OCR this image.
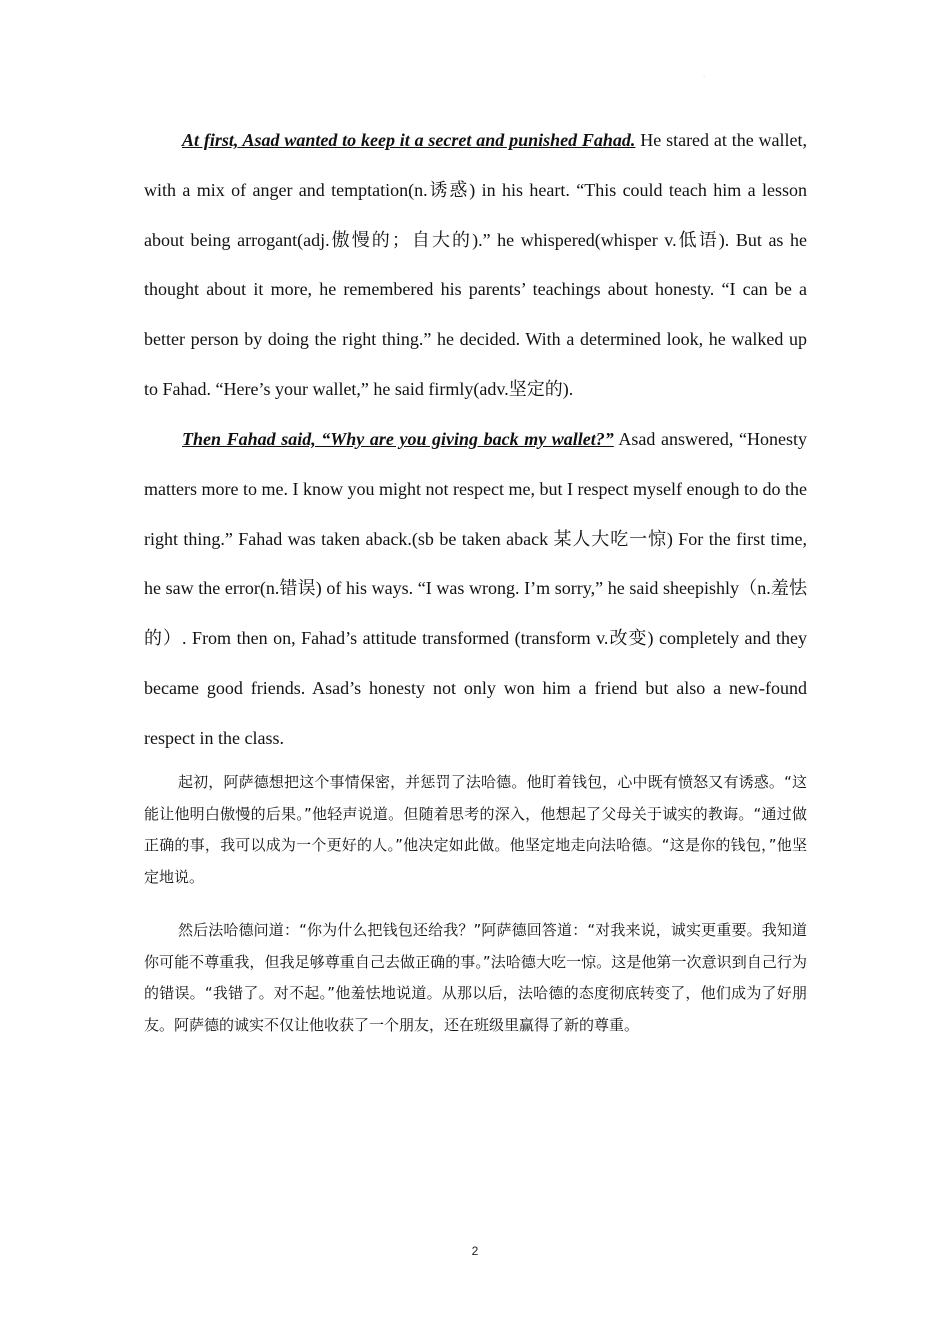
.

At first, Asad wanted to keep it a secret and punished Fahad. He stared at the wallet, with a mix of anger and temptation(n.诱惑) in his heart. “This could teach him a lesson about being arrogant(adj.傲慢的；自大的).” he whispered(whisper v.低语). But as he thought about it more, he remembered his parents’ teachings about honesty. “I can be a better person by doing the right thing.” he decided. With a determined look, he walked up to Fahad. “Here’s your wallet,” he said firmly(adv.坚定的).

Then Fahad said, “Why are you giving back my wallet?” Asad answered, “Honesty matters more to me. I know you might not respect me, but I respect myself enough to do the right thing.” Fahad was taken aback.(sb be taken aback 某人大吃一惊) For the first time, he saw the error(n.错误) of his ways. “I was wrong. I’m sorry,” he said sheepishly（n.羞怯的）. From then on, Fahad’s attitude transformed (transform v.改变) completely and they became good friends. Asad’s honesty not only won him a friend but also a new-found respect in the class.

起初，阿萨德想把这个事情保密，并惩罚了法哈德。他盯着钱包，心中既有愤怒又有诱惑。“这能让他明白傲慢的后果。”他轻声说道。但随着思考的深入，他想起了父母关于诚实的教诲。“通过做正确的事，我可以成为一个更好的人。”他决定如此做。他坚定地走向法哈德。“这是你的钱包，”他坚定地说。

然后法哈德问道：“你为什么把钱包还给我？”阿萨德回答道：“对我来说，诚实更重要。我知道你可能不尊重我，但我足够尊重自己去做正确的事。”法哈德大吃一惊。这是他第一次意识到自己行为的错误。“我错了。对不起。”他羞怯地说道。从那以后，法哈德的态度彻底转变了，他们成为了好朋友。阿萨德的诚实不仅让他收获了一个朋友，还在班级里赢得了新的尊重。

2
